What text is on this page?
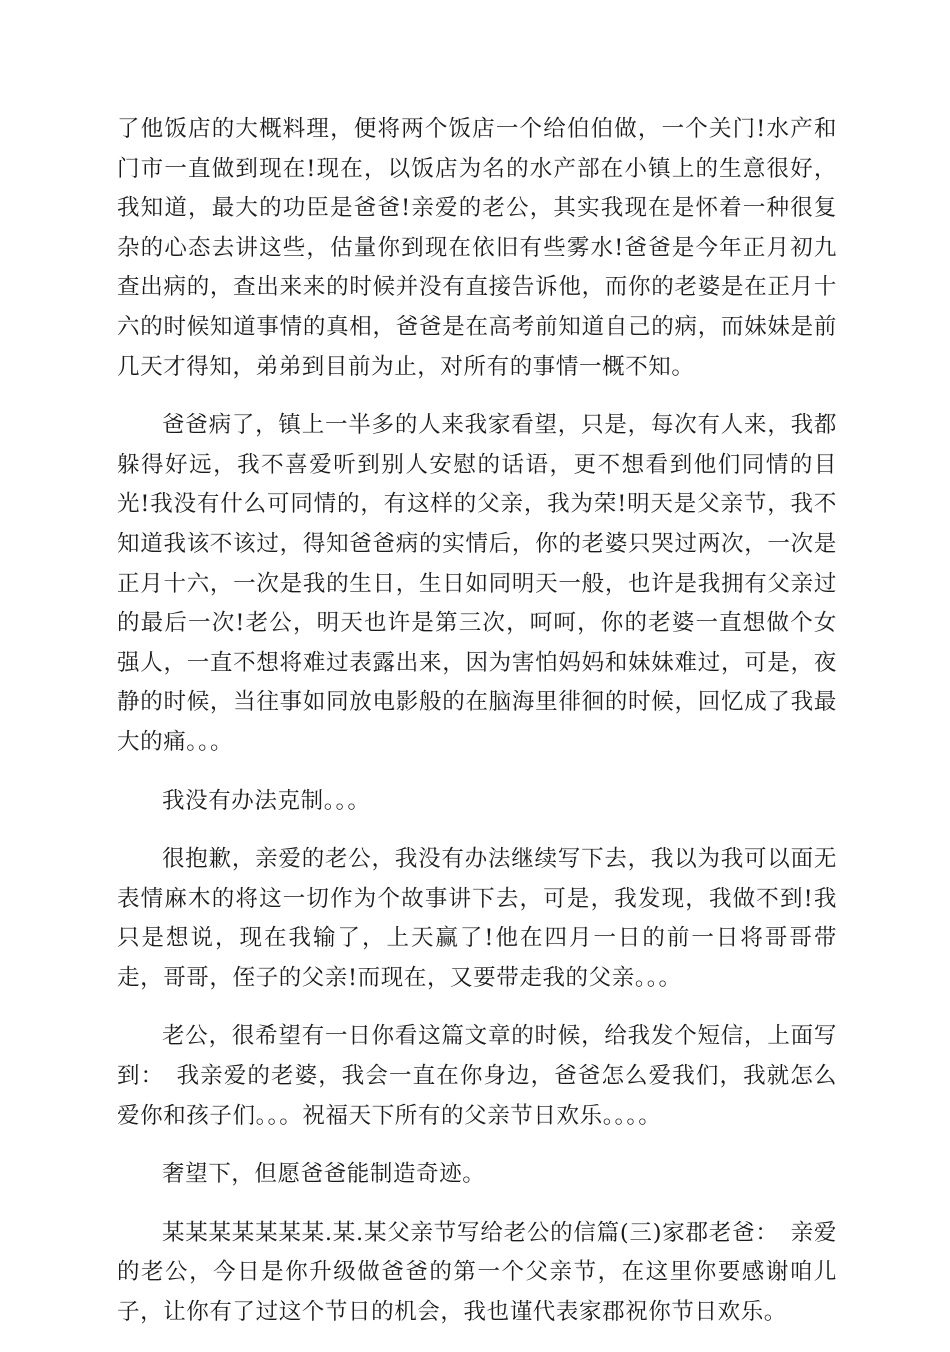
了他饭店的大概料理，便将两个饭店一个给伯伯做，一个关门!水产和门市一直做到现在!现在，以饭店为名的水产部在小镇上的生意很好，我知道，最大的功臣是爸爸!亲爱的老公，其实我现在是怀着一种很复杂的心态去讲这些，估量你到现在依旧有些雾水!爸爸是今年正月初九查出病的，查出来来的时候并没有直接告诉他，而你的老婆是在正月十六的时候知道事情的真相，爸爸是在高考前知道自己的病，而妹妹是前几天才得知，弟弟到目前为止，对所有的事情一概不知。

爸爸病了，镇上一半多的人来我家看望，只是，每次有人来，我都躲得好远，我不喜爱听到别人安慰的话语，更不想看到他们同情的目光!我没有什么可同情的，有这样的父亲，我为荣!明天是父亲节，我不知道我该不该过，得知爸爸病的实情后，你的老婆只哭过两次，一次是正月十六，一次是我的生日，生日如同明天一般，也许是我拥有父亲过的最后一次!老公，明天也许是第三次，呵呵，你的老婆一直想做个女强人，一直不想将难过表露出来，因为害怕妈妈和妹妹难过，可是，夜静的时候，当往事如同放电影般的在脑海里徘徊的时候，回忆成了我最大的痛。。。

我没有办法克制。。。

很抱歉，亲爱的老公，我没有办法继续写下去，我以为我可以面无表情麻木的将这一切作为个故事讲下去，可是，我发现，我做不到!我只是想说，现在我输了，上天赢了!他在四月一日的前一日将哥哥带走，哥哥，侄子的父亲!而现在，又要带走我的父亲。。。

老公，很希望有一日你看这篇文章的时候，给我发个短信，上面写到：　我亲爱的老婆，我会一直在你身边，爸爸怎么爱我们，我就怎么爱你和孩子们。。。祝福天下所有的父亲节日欢乐。。。。

奢望下，但愿爸爸能制造奇迹。

某某某某某某某.某.某父亲节写给老公的信篇(三)家郡老爸：　亲爱的老公，今日是你升级做爸爸的第一个父亲节，在这里你要感谢咱儿子，让你有了过这个节日的机会，我也谨代表家郡祝你节日欢乐。
